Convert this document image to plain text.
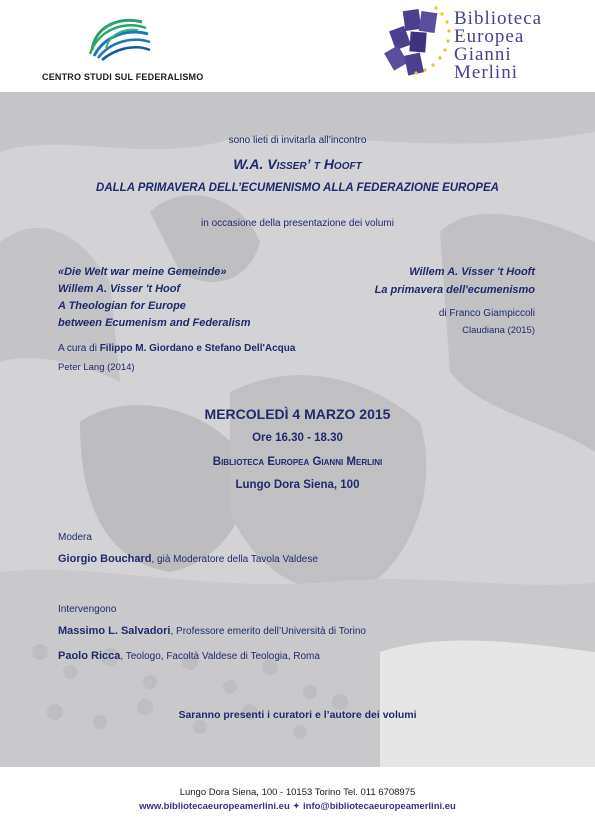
CENTRO STUDI SUL FEDERALISMO
Biblioteca
Europea
Gianni
Merlini
sono lieti di invitarla all’incontro
W.A. Visser’ t Hooft
DALLA PRIMAVERA DELL’ECUMENISMO ALLA FEDERAZIONE EUROPEA
in occasione della presentazione dei volumi
«Die Welt war meine Gemeinde»
Willem A. Visser 't Hoof
A Theologian for Europe
between Ecumenism and Federalism
A cura di Filippo M. Giordano e Stefano Dell'Acqua
Peter Lang (2014)
Willem A. Visser 't Hooft
La primavera dell'ecumenismo
di Franco Giampiccoli
Claudiana (2015)
MERCOLEDÌ 4 MARZO 2015
Ore 16.30 - 18.30
Biblioteca Europea Gianni Merlini
Lungo Dora Siena, 100
Modera
Giorgio Bouchard, già Moderatore della Tavola Valdese
Intervengono
Massimo L. Salvadori, Professore emerito dell’Università di Torino
Paolo Ricca, Teologo, Facoltà Valdese di Teologia, Roma
Saranno presenti i curatori e l’autore dei volumi
Lungo Dora Siena, 100 - 10153 Torino Tel. 011 6708975
www.bibliotecaeuropeamerlini.eu ✦ info@bibliotecaeuropeamerlini.eu
